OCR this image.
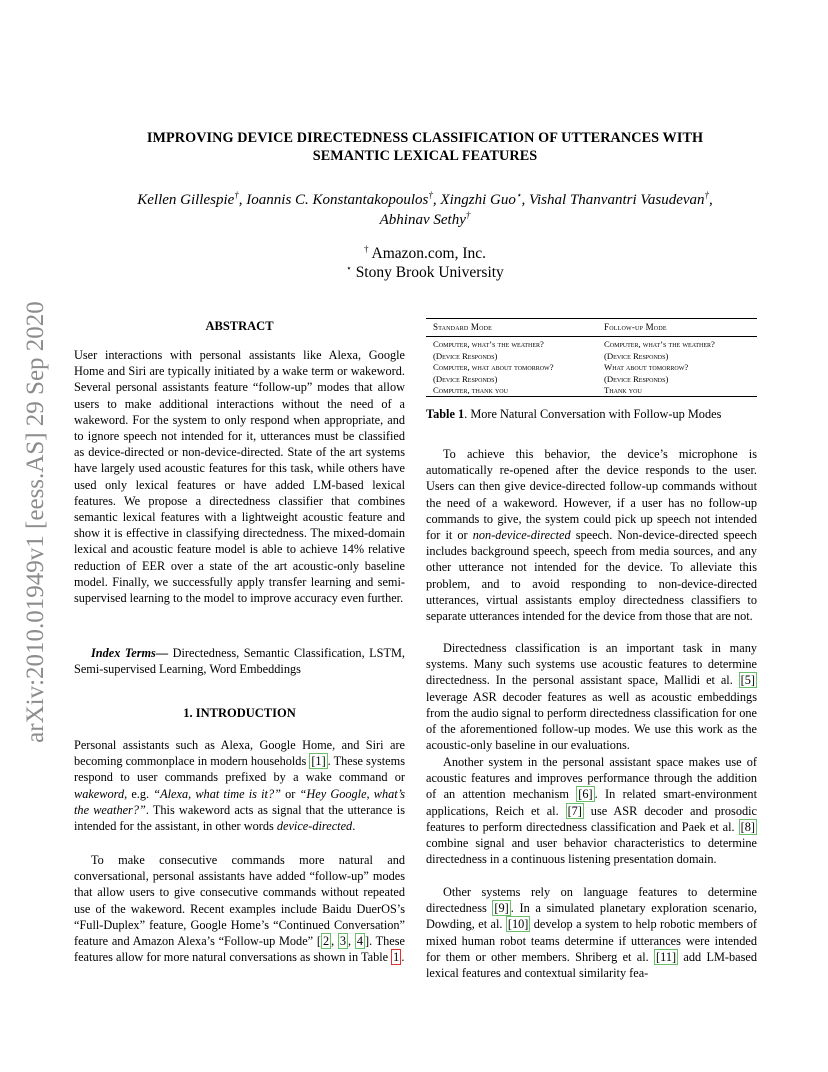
arXiv:2010.01949v1 [eess.AS] 29 Sep 2020
IMPROVING DEVICE DIRECTEDNESS CLASSIFICATION OF UTTERANCES WITH
SEMANTIC LEXICAL FEATURES
Kellen Gillespie†, Ioannis C. Konstantakopoulos†, Xingzhi Guo⋆, Vishal Thanvantri Vasudevan†,
Abhinav Sethy†
† Amazon.com, Inc.
⋆ Stony Brook University
ABSTRACT

User interactions with personal assistants like Alexa, Google Home and Siri are typically initiated by a wake term or wakeword. Several personal assistants feature “follow-up” modes that allow users to make additional interactions without the need of a wakeword. For the system to only respond when appropriate, and to ignore speech not intended for it, utterances must be classified as device-directed or non-device-directed. State of the art systems have largely used acoustic features for this task, while others have used only lexical features or have added LM-based lexical features. We propose a directedness classifier that combines semantic lexical features with a lightweight acoustic feature and show it is effective in classifying directedness. The mixed-domain lexical and acoustic feature model is able to achieve 14% relative reduction of EER over a state of the art acoustic-only baseline model. Finally, we successfully apply transfer learning and semi-supervised learning to the model to improve accuracy even further.

Index Terms— Directedness, Semantic Classification, LSTM, Semi-supervised Learning, Word Embeddings

1. INTRODUCTION

Personal assistants such as Alexa, Google Home, and Siri are becoming commonplace in modern households [1] . These systems respond to user commands prefixed by a wake command or wakeword, e.g. “Alexa, what time is it?” or “Hey Google, what’s the weather?”. This wakeword acts as signal that the utterance is intended for the assistant, in other words device-directed.

To make consecutive commands more natural and conversational, personal assistants have added “follow-up” modes that allow users to give consecutive commands without repeated use of the wakeword. Recent examples include Baidu DuerOS’s “Full-Duplex” feature, Google Home’s “Continued Conversation” feature and Amazon Alexa’s “Follow-up Mode” [ 2 , 3 , 4 ]. These features allow for more natural conversations as shown in Table 1 .

Standard Mode	Follow-up Mode
Computer, what’s the weather?
(Device Responds)
Computer, what about tomorrow?
(Device Responds)
Computer, thank you
Computer, what’s the weather?
(Device Responds)
What about tomorrow?
(Device Responds)
Thank you
Table 1. More Natural Conversation with Follow-up Modes

To achieve this behavior, the device’s microphone is automatically re-opened after the device responds to the user. Users can then give device-directed follow-up commands without the need of a wakeword. However, if a user has no follow-up commands to give, the system could pick up speech not intended for it or non-device-directed speech. Non-device-directed speech includes background speech, speech from media sources, and any other utterance not intended for the device. To alleviate this problem, and to avoid responding to non-device-directed utterances, virtual assistants employ directedness classifiers to separate utterances intended for the device from those that are not.

Directedness classification is an important task in many systems. Many such systems use acoustic features to determine directedness. In the personal assistant space, Mallidi et al. [5] leverage ASR decoder features as well as acoustic embeddings from the audio signal to perform directedness classification for one of the aforementioned follow-up modes. We use this work as the acoustic-only baseline in our evaluations.

Another system in the personal assistant space makes use of acoustic features and improves performance through the addition of an attention mechanism [6] . In related smart-environment applications, Reich et al. [7] use ASR decoder and prosodic features to perform directedness classification and Paek et al. [8] combine signal and user behavior characteristics to determine directedness in a continuous listening presentation domain.

Other systems rely on language features to determine directedness [9] . In a simulated planetary exploration scenario, Dowding, et al. [10] develop a system to help robotic members of mixed human robot teams determine if utterances were intended for them or other members. Shriberg et al. [11] add LM-based lexical features and contextual similarity fea-
